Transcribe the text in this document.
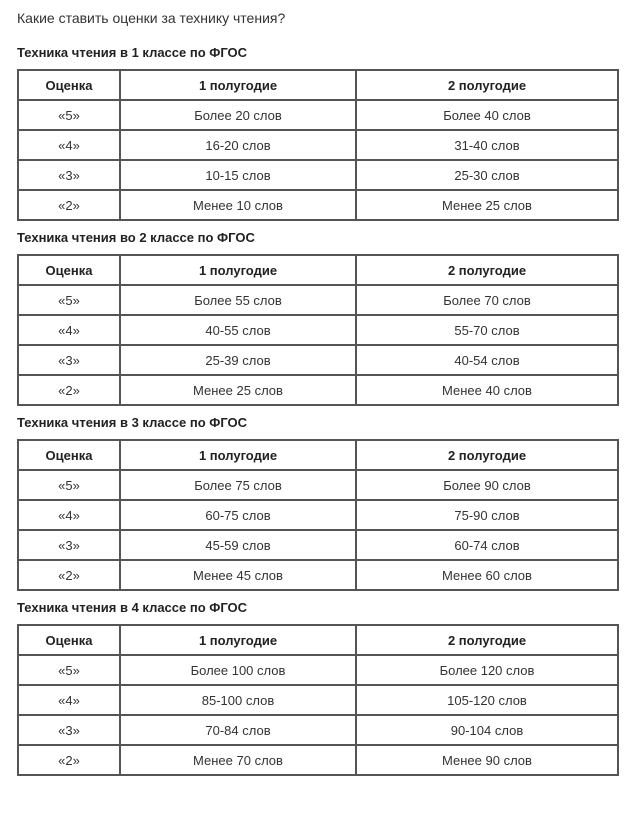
Какие ставить оценки за технику чтения?

Техника чтения в 1 классе по ФГОС
Оценка	1 полугодие	2 полугодие
«5»	Более 20 слов	Более 40 слов
«4»	16-20 слов	31-40 слов
«3»	10-15 слов	25-30 слов
«2»	Менее 10 слов	Менее 25 слов
Техника чтения во 2 классе по ФГОС
Оценка	1 полугодие	2 полугодие
«5»	Более 55 слов	Более 70 слов
«4»	40-55 слов	55-70 слов
«3»	25-39 слов	40-54 слов
«2»	Менее 25 слов	Менее 40 слов
Техника чтения в 3 классе по ФГОС
Оценка	1 полугодие	2 полугодие
«5»	Более 75 слов	Более 90 слов
«4»	60-75 слов	75-90 слов
«3»	45-59 слов	60-74 слов
«2»	Менее 45 слов	Менее 60 слов
Техника чтения в 4 классе по ФГОС
Оценка	1 полугодие	2 полугодие
«5»	Более 100 слов	Более 120 слов
«4»	85-100 слов	105-120 слов
«3»	70-84 слов	90-104 слов
«2»	Менее 70 слов	Менее 90 слов
